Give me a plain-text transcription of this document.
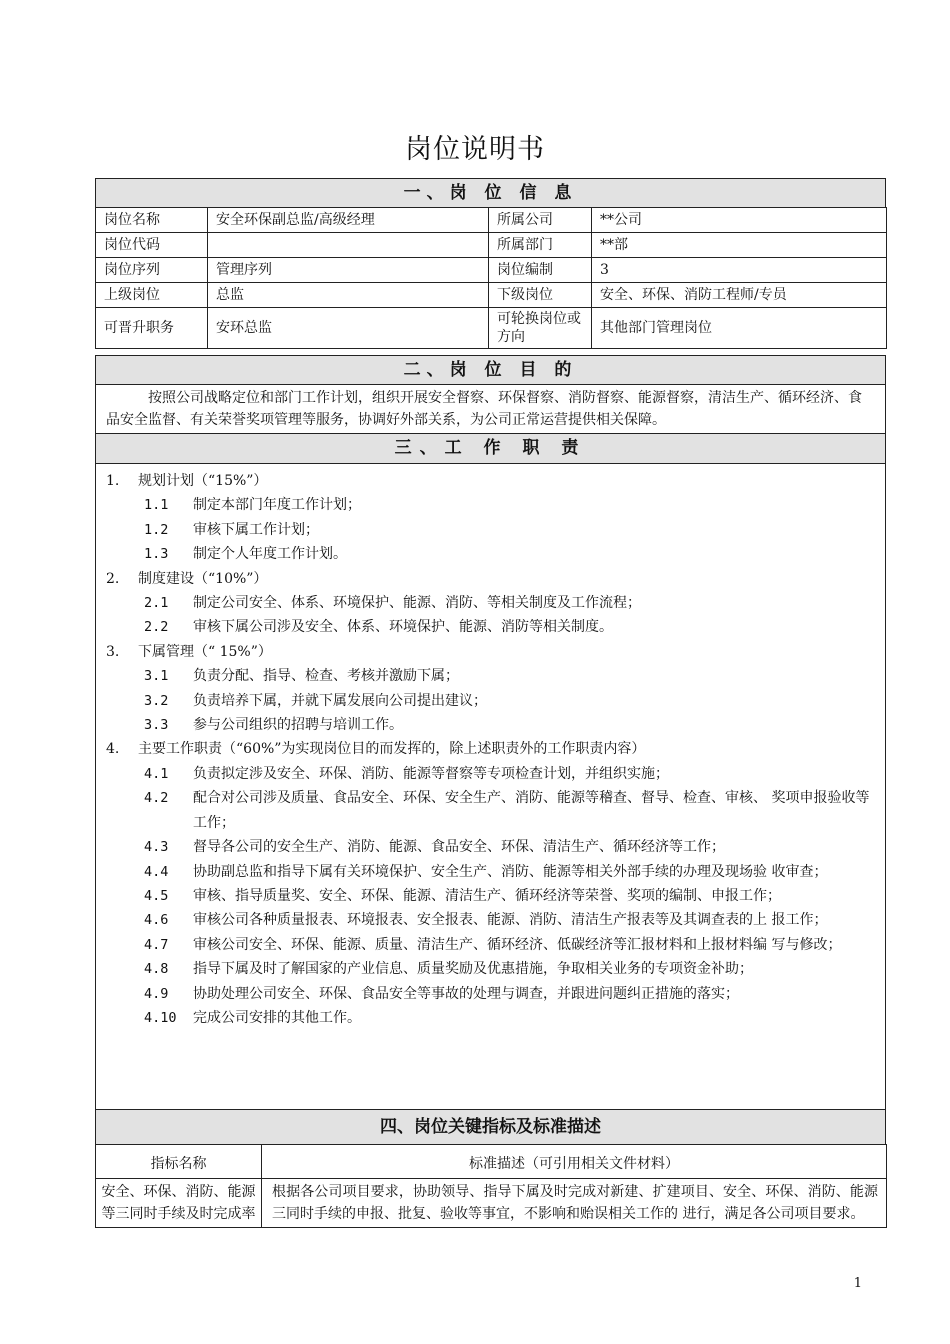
岗位说明书
一、岗 位 信 息
岗位名称	安全环保副总监/高级经理	所属公司	**公司
岗位代码		所属部门	**部
岗位序列	管理序列	岗位编制	3
上级岗位	总监	下级岗位	安全、环保、消防工程师/专员
可晋升职务	安环总监	可轮换岗位或方向	其他部门管理岗位
二、岗 位 目 的
按照公司战略定位和部门工作计划，组织开展安全督察、环保督察、消防督察、能源督察，清洁生产、循环经济、食品安全监督、有关荣誉奖项管理等服务，协调好外部关系，为公司正常运营提供相关保障。
三、工 作 职 责
1. 规划计划（“15%”）
1.1 制定本部门年度工作计划；
1.2 审核下属工作计划；
1.3 制定个人年度工作计划。
2. 制度建设（“10%”）
2.1 制定公司安全、体系、环境保护、能源、消防、等相关制度及工作流程；
2.2 审核下属公司涉及安全、体系、环境保护、能源、消防等相关制度。
3. 下属管理（“ 15%”）
3.1 负责分配、指导、检查、考核并激励下属；
3.2 负责培养下属，并就下属发展向公司提出建议；
3.3 参与公司组织的招聘与培训工作。
4. 主要工作职责（“60%”为实现岗位目的而发挥的，除上述职责外的工作职责内容）
4.1 负责拟定涉及安全、环保、消防、能源等督察等专项检查计划，并组织实施；
4.2 配合对公司涉及质量、食品安全、环保、安全生产、消防、能源等稽查、督导、检查、审核、 奖项申报验收等工作；
4.3 督导各公司的安全生产、消防、能源、食品安全、环保、清洁生产、循环经济等工作；
4.4 协助副总监和指导下属有关环境保护、安全生产、消防、能源等相关外部手续的办理及现场验 收审查；
4.5 审核、指导质量奖、安全、环保、能源、清洁生产、循环经济等荣誉、奖项的编制、申报工作；
4.6 审核公司各种质量报表、环境报表、安全报表、能源、消防、清洁生产报表等及其调查表的上 报工作；
4.7 审核公司安全、环保、能源、质量、清洁生产、循环经济、低碳经济等汇报材料和上报材料编 写与修改；
4.8 指导下属及时了解国家的产业信息、质量奖励及优惠措施，争取相关业务的专项资金补助；
4.9 协助处理公司安全、环保、食品安全等事故的处理与调查，并跟进问题纠正措施的落实；
4.10 完成公司安排的其他工作。
四、岗位关键指标及标准描述
指标名称	标准描述（可引用相关文件材料）
安全、环保、消防、能源等三同时手续及时完成率	根据各公司项目要求，协助领导、指导下属及时完成对新建、扩建项目、安全、环保、消防、能源三同时手续的申报、批复、验收等事宜，不影响和贻误相关工作的 进行，满足各公司项目要求。
1
